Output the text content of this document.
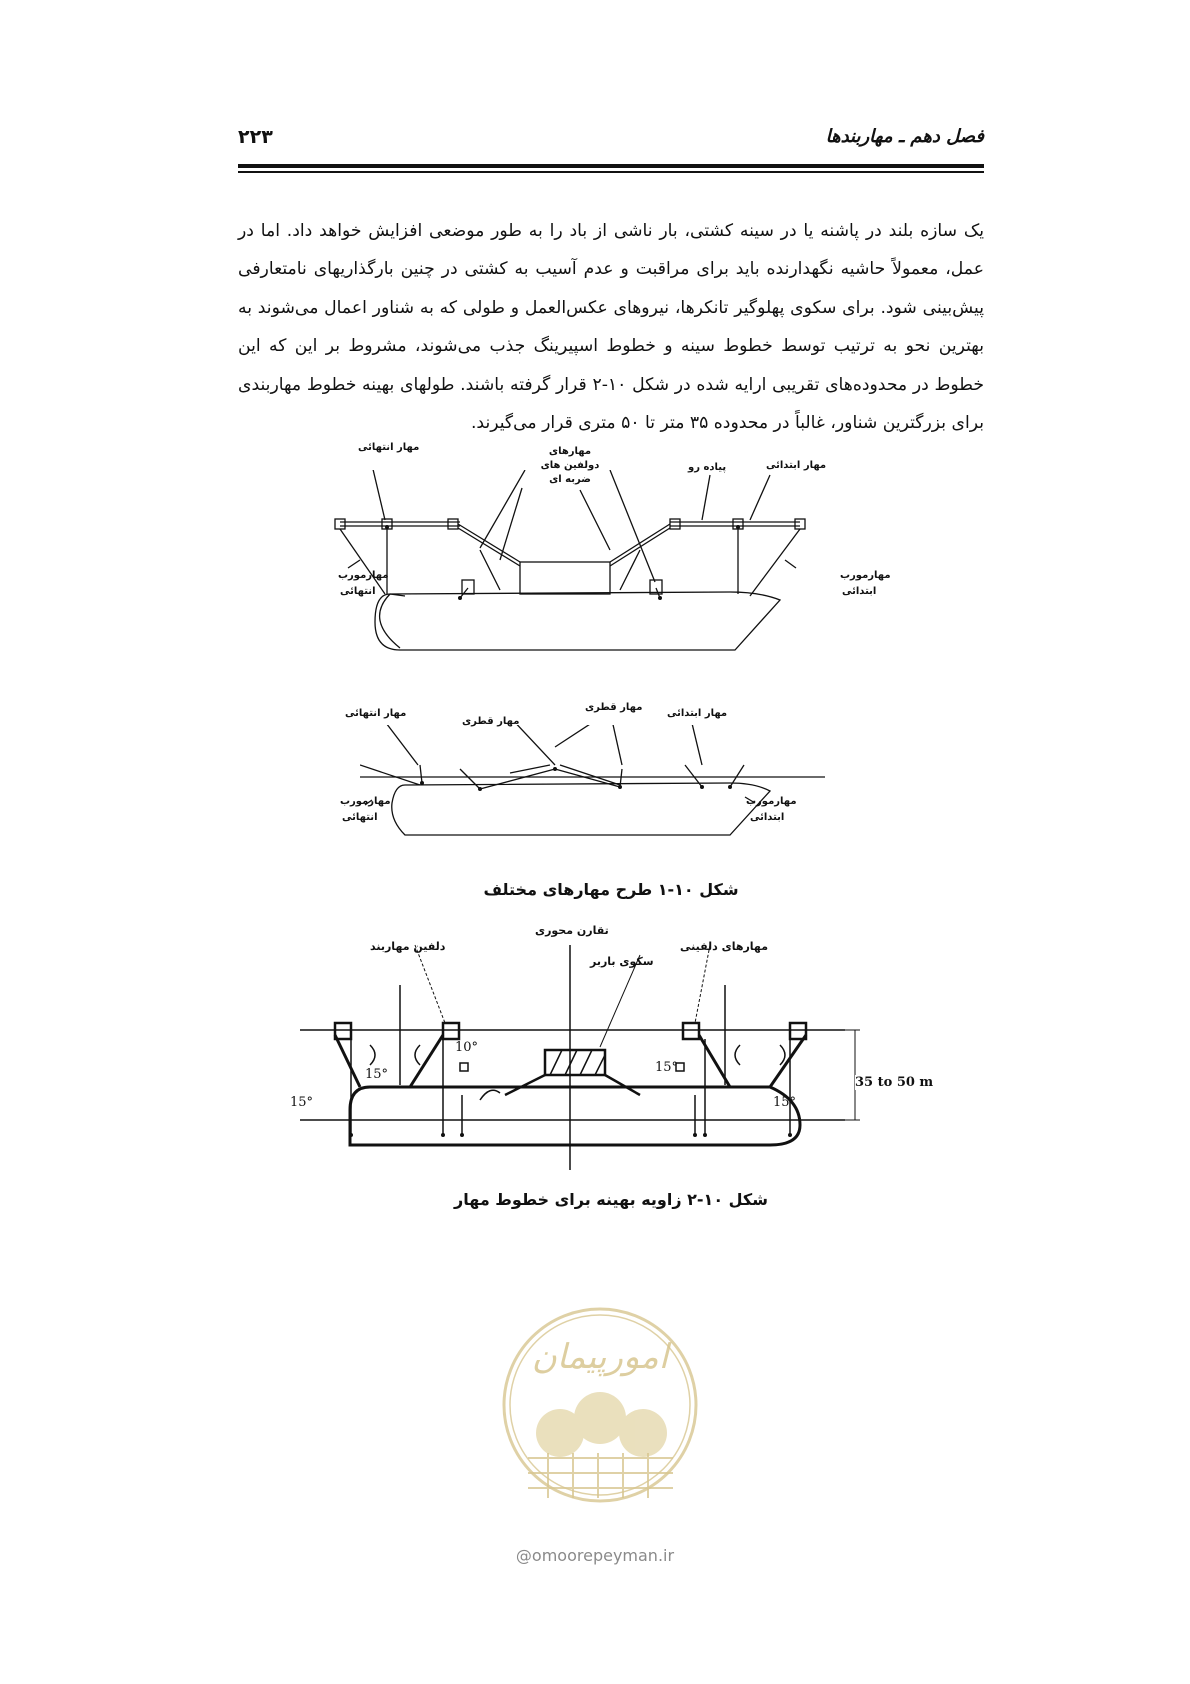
۲۲۳	فصل دهم ـ مهاربندها

یک سازه بلند در پاشنه یا در سینه کشتی، بار ناشی از باد را به طور موضعی افزایش خواهد داد. اما در عمل، معمولاً حاشیه نگهدارنده باید برای مراقبت و عدم آسیب به کشتی در چنین بارگذاریهای نامتعارفی پیش‌بینی شود. برای سکوی پهلوگیر تانکرها، نیروهای عکس‌العمل و طولی که به شناور اعمال می‌شوند به بهترین نحو به ترتیب توسط خطوط سینه و خطوط اسپیرینگ جذب می‌شوند، مشروط بر این که این خطوط در محدوده‌های تقریبی ارایه شده در شکل ۱۰-۲ قرار گرفته باشند. طولهای بهینه خطوط مهاربندی برای بزرگترین شناور، غالباً در محدوده ۳۵ متر تا ۵۰ متری قرار می‌گیرند.

مهار انتهائی	مهارهای
دولفین های
ضربه ای
پیاده رو	مهار ابتدائی
مهارمورب
انتهائی
مهارمورب
ابتدائی
مهار انتهائی
مهار قطری
مهار قطری
مهار ابتدائی
مهارمورب
انتهائی
مهارمورب
ابتدائی
شکل ۱۰-۱ طرح مهارهای مختلف
تقارن محوری
دلفین مهاربند
سکوی باربر
مهارهای دلفینی
10°
15°
15°	15°
15°
35 to 50 m
شکل ۱۰-۲ زاویه بهینه برای خطوط مهار
امورپیمان
@omoorepeyman.ir
